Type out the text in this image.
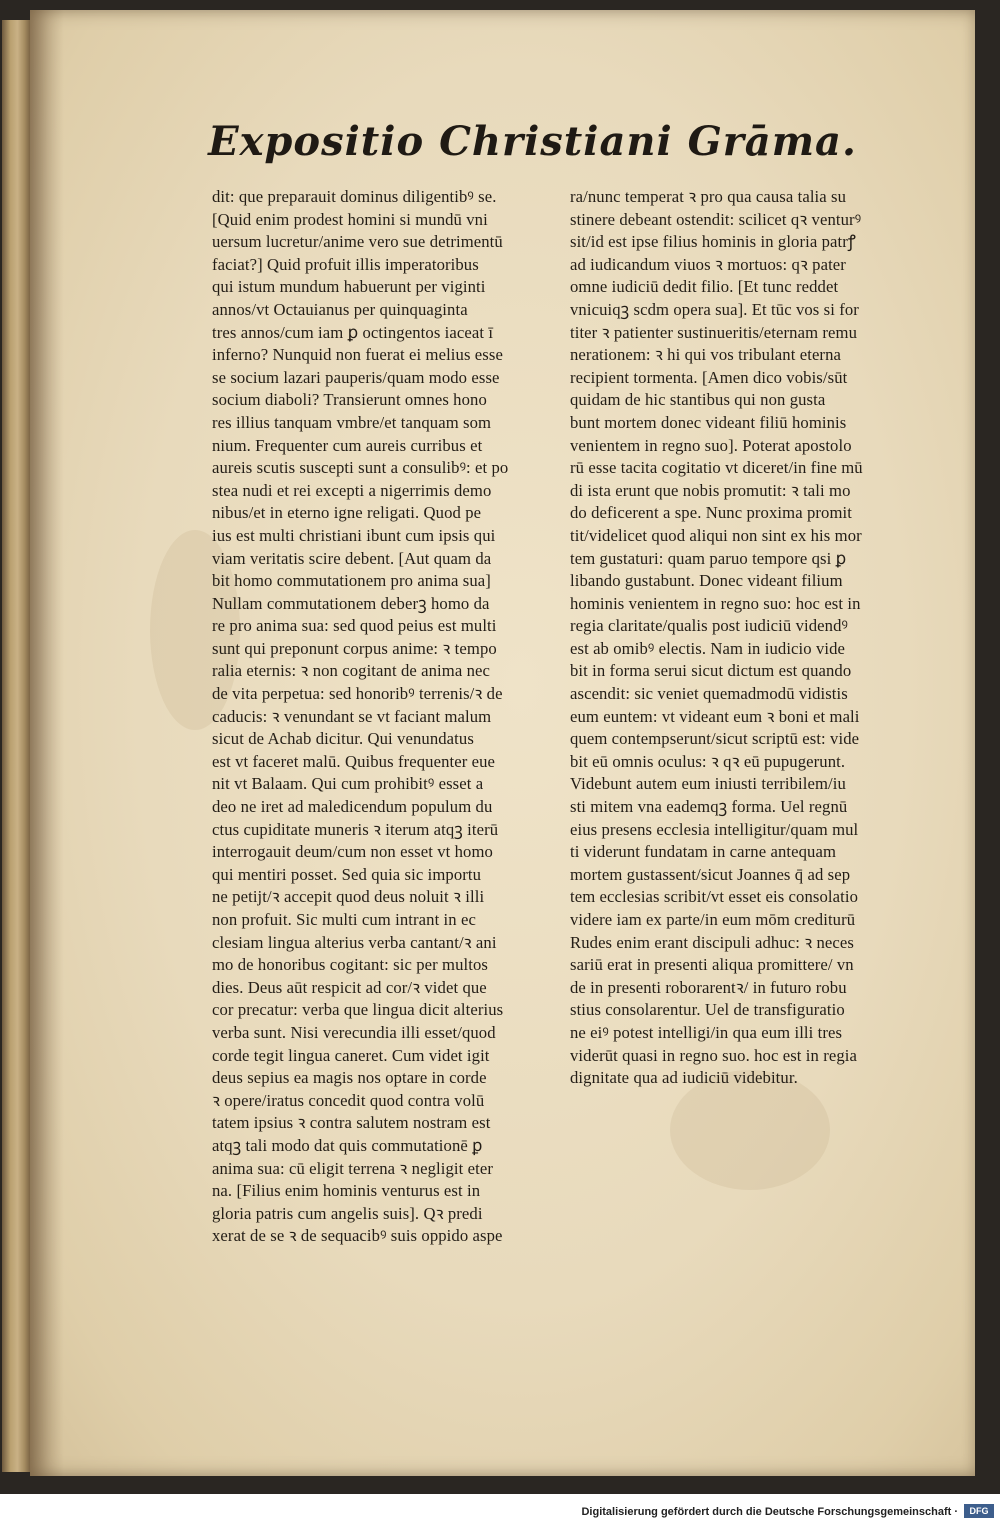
Expositio Christiani Grāma.
dit: que preparauit dominus diligentibꝰ se.
[Quid enim prodest homini si mundū vni
uersum lucretur/anime vero sue detrimentū
faciat?] Quid profuit illis imperatoribus
qui istum mundum habuerunt per viginti
annos/vt Octauianus per quinquaginta
tres annos/cum iam ꝑ octingentos iaceat ī
inferno? Nunquid non fuerat ei melius esse
se socium lazari pauperis/quam modo esse
socium diaboli? Transierunt omnes hono
res illius tanquam vmbre/et tanquam som
nium. Frequenter cum aureis curribus et
aureis scutis suscepti sunt a consulibꝰ: et po
stea nudi et rei excepti a nigerrimis demo
nibus/et in eterno igne religati. Quod pe
ius est multi christiani ibunt cum ipsis qui
viam veritatis scire debent. [Aut quam da
bit homo commutationem pro anima sua]
Nullam commutationem deberꝫ homo da
re pro anima sua: sed quod peius est multi
sunt qui preponunt corpus anime: ꝛ tempo
ralia eternis: ꝛ non cogitant de anima nec
de vita perpetua: sed honoribꝰ terrenis/ꝛ de
caducis: ꝛ venundant se vt faciant malum
sicut de Achab dicitur. Qui venundatus
est vt faceret malū. Quibus frequenter eue
nit vt Balaam. Qui cum prohibitꝰ esset a
deo ne iret ad maledicendum populum du
ctus cupiditate muneris ꝛ iterum atqꝫ iterū
interrogauit deum/cum non esset vt homo
qui mentiri posset. Sed quia sic importu
ne petijt/ꝛ accepit quod deus noluit ꝛ illi
non profuit. Sic multi cum intrant in ec
clesiam lingua alterius verba cantant/ꝛ ani
mo de honoribus cogitant: sic per multos
dies. Deus aūt respicit ad cor/ꝛ videt que
cor precatur: verba que lingua dicit alterius
verba sunt. Nisi verecundia illi esset/quod
corde tegit lingua caneret. Cum videt igit
deus sepius ea magis nos optare in corde
ꝛ opere/iratus concedit quod contra volū
tatem ipsius ꝛ contra salutem nostram est
atqꝫ tali modo dat quis commutationē ꝑ
anima sua: cū eligit terrena ꝛ negligit eter
na. [Filius enim hominis venturus est in
gloria patris cum angelis suis]. Qꝛ predi
xerat de se ꝛ de sequacibꝰ suis oppido aspe
ra/nunc temperat ꝛ pro qua causa talia su
stinere debeant ostendit: scilicet qꝛ venturꝰ
sit/id est ipse filius hominis in gloria patrꝭ
ad iudicandum viuos ꝛ mortuos: qꝛ pater
omne iudiciū dedit filio. [Et tunc reddet
vnicuiqꝫ scdm opera sua]. Et tūc vos si for
titer ꝛ patienter sustinueritis/eternam remu
nerationem: ꝛ hi qui vos tribulant eterna
recipient tormenta. [Amen dico vobis/sūt
quidam de hic stantibus qui non gusta
bunt mortem donec videant filiū hominis
venientem in regno suo]. Poterat apostolo
rū esse tacita cogitatio vt diceret/in fine mū
di ista erunt que nobis promutit: ꝛ tali mo
do deficerent a spe. Nunc proxima promit
tit/videlicet quod aliqui non sint ex his mor
tem gustaturi: quam paruo tempore qsi ꝑ
libando gustabunt. Donec videant filium
hominis venientem in regno suo: hoc est in
regia claritate/qualis post iudiciū videndꝰ
est ab omibꝰ electis. Nam in iudicio vide
bit in forma serui sicut dictum est quando
ascendit: sic veniet quemadmodū vidistis
eum euntem: vt videant eum ꝛ boni et mali
quem contempserunt/sicut scriptū est: vide
bit eū omnis oculus: ꝛ qꝛ eū pupugerunt.
Videbunt autem eum iniusti terribilem/iu
sti mitem vna eademqꝫ forma. Uel regnū
eius presens ecclesia intelligitur/quam mul
ti viderunt fundatam in carne antequam
mortem gustassent/sicut Joannes q̄ ad sep
tem ecclesias scribit/vt esset eis consolatio
videre iam ex parte/in eum mōm crediturū
Rudes enim erant discipuli adhuc: ꝛ neces
sariū erat in presenti aliqua promittere/ vn
de in presenti roborarentꝛ/ in futuro robu
stius consolarentur. Uel de transfiguratio
ne eiꝰ potest intelligi/in qua eum illi tres
viderūt quasi in regno suo. hoc est in regia
dignitate qua ad iudiciū videbitur.
Digitalisierung gefördert durch die Deutsche Forschungsgemeinschaft ·	DFG
